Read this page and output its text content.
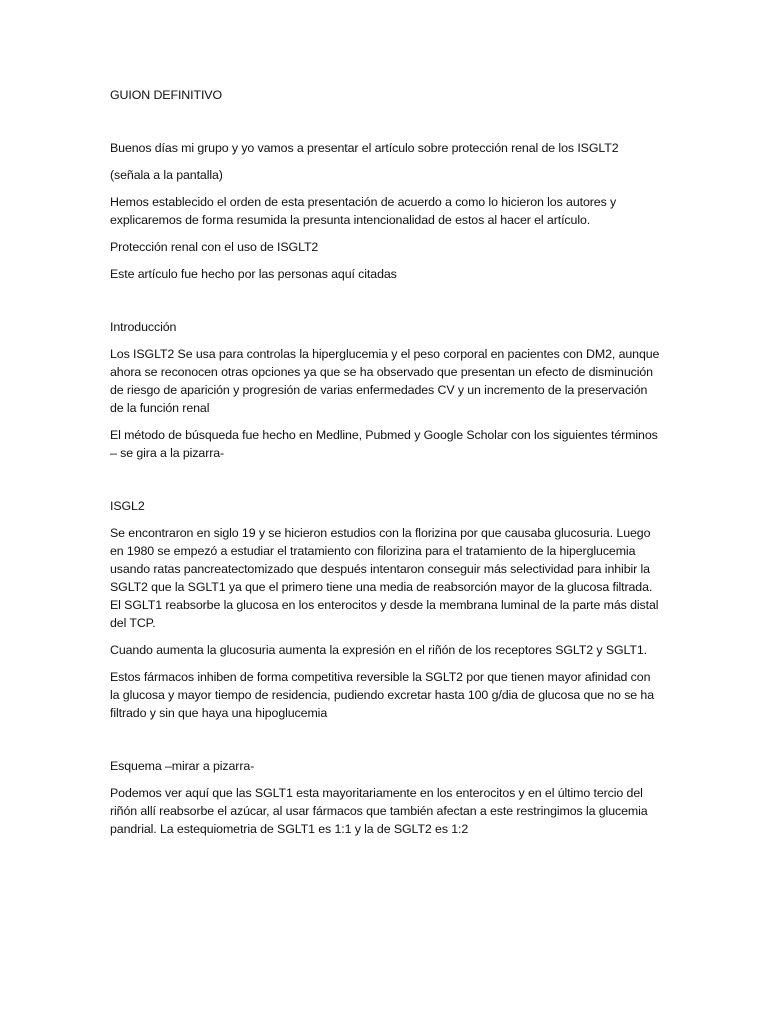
GUION DEFINITIVO

Buenos días mi grupo y yo vamos a presentar el artículo sobre protección renal de los ISGLT2

(señala a la pantalla)

Hemos establecido el orden de esta presentación de acuerdo a como lo hicieron los autores y explicaremos de forma resumida la presunta intencionalidad de estos al hacer el artículo.

Protección renal con el uso de ISGLT2

Este artículo fue hecho por las personas aquí citadas

Introducción

Los ISGLT2 Se usa para controlas la hiperglucemia y el peso corporal en pacientes con DM2, aunque ahora se reconocen otras opciones ya que se ha observado que presentan un efecto de disminución de riesgo de aparición y progresión de varias enfermedades CV y un incremento de la preservación de la función renal

El método de búsqueda fue hecho en Medline, Pubmed y Google Scholar con los siguientes términos – se gira a la pizarra-

ISGL2

Se encontraron en siglo 19 y se hicieron estudios con la florizina por que causaba glucosuria. Luego en 1980 se empezó a estudiar el tratamiento con filorizina para el tratamiento de la hiperglucemia usando ratas pancreatectomizado que después intentaron conseguir más selectividad para inhibir la SGLT2 que la SGLT1 ya que el primero tiene una media de reabsorción mayor de la glucosa filtrada. El SGLT1 reabsorbe la glucosa en los enterocitos y desde la membrana luminal de la parte más distal del TCP.

Cuando aumenta la glucosuria aumenta la expresión en el riñón de los receptores SGLT2 y SGLT1.

Estos fármacos inhiben de forma competitiva reversible la SGLT2 por que tienen mayor afinidad con la glucosa y mayor tiempo de residencia, pudiendo excretar hasta 100 g/dia de glucosa que no se ha filtrado y sin que haya una hipoglucemia

Esquema –mirar a pizarra-

Podemos ver aquí que las SGLT1 esta mayoritariamente en los enterocitos y en el último tercio del riñón allí reabsorbe el azúcar, al usar fármacos que también afectan a este restringimos la glucemia pandrial. La estequiometria de SGLT1 es 1:1 y la de SGLT2 es 1:2
